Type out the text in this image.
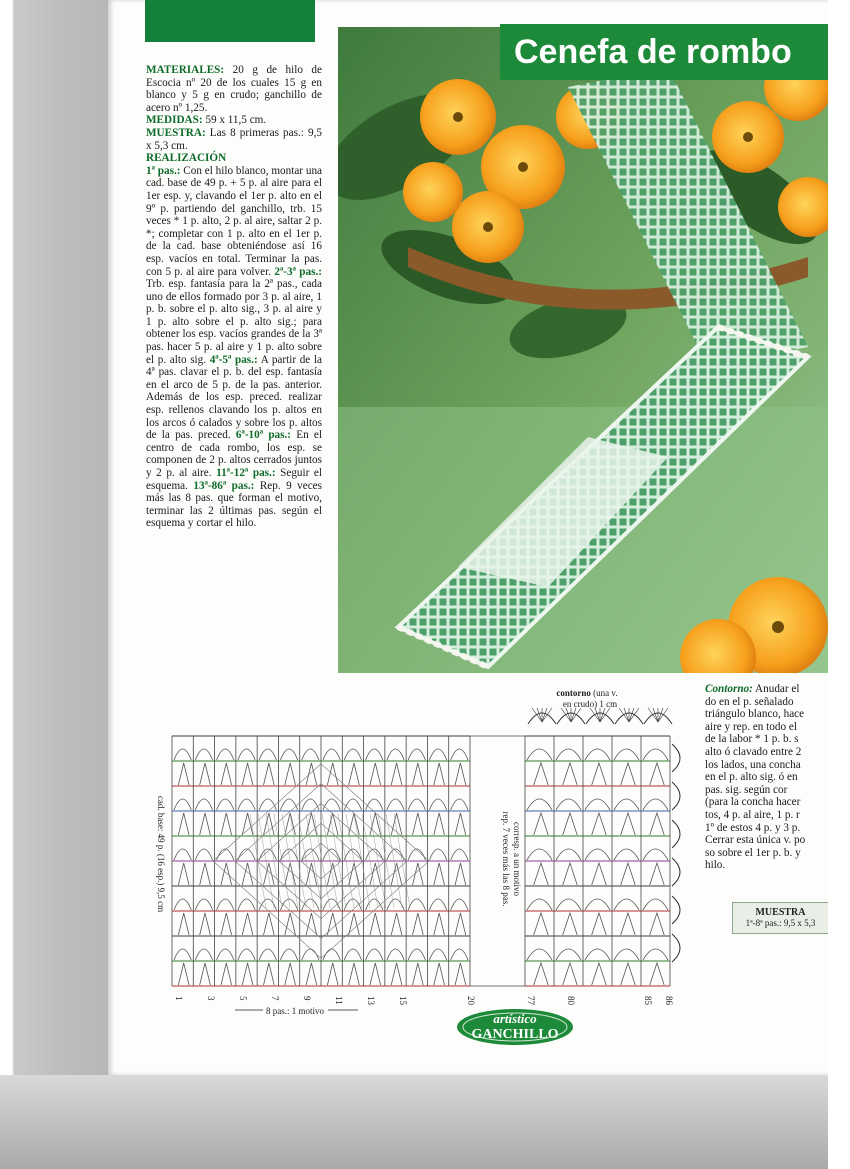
Cenefa de rombo
MATERIALES: 20 g de hilo de Escocia nº 20 de los cuales 15 g en blanco y 5 g en crudo; ganchillo de acero nº 1,25.
MEDIDAS: 59 x 11,5 cm.
MUESTRA: Las 8 primeras pas.: 9,5 x 5,3 cm.
REALIZACIÓN
1ª pas.: Con el hilo blanco, montar una cad. base de 49 p. + 5 p. al aire para el 1er esp. y, clavando el 1er p. alto en el 9º p. partiendo del ganchillo, trb. 15 veces * 1 p. alto, 2 p. al aire, saltar 2 p. *; completar con 1 p. alto en el 1er p. de la cad. base obteniéndose así 16 esp. vacíos en total. Terminar la pas. con 5 p. al aire para volver. 2ª-3ª pas.: Trb. esp. fantasía para la 2ª pas., cada uno de ellos formado por 3 p. al aire, 1 p. b. sobre el p. alto sig., 3 p. al aire y 1 p. alto sobre el p. alto sig.; para obtener los esp. vacíos grandes de la 3ª pas. hacer 5 p. al aire y 1 p. alto sobre el p. alto sig. 4ª-5ª pas.: A partir de la 4ª pas. clavar el p. b. del esp. fantasía en el arco de 5 p. de la pas. anterior. Además de los esp. preced. realizar esp. rellenos clavando los p. altos en los arcos ó calados y sobre los p. altos de la pas. preced. 6ª-10ª pas.: En el centro de cada rombo, los esp. se componen de 2 p. altos cerrados juntos y 2 p. al aire. 11ª-12ª pas.: Seguir el esquema. 13ª-86ª pas.: Rep. 9 veces más las 8 pas. que forman el motivo, terminar las 2 últimas pas. según el esquema y cortar el hilo.
Contorno: Anudar el
do en el p. señalado
triángulo blanco, hace
aire y rep. en todo el
de la labor * 1 p. b. s
alto ó clavado entre 2
los lados, una concha
en el p. alto sig. ó en
pas. sig. según cor
(para la concha hacer
tos, 4 p. al aire, 1 p. r
1º de estos 4 p. y 3 p.
Cerrar esta única v. po
so sobre el 1er p. b. y
hilo.
MUESTRA
1ª-8ª pas.: 9,5 x 5,3

contorno (una v.
en crudo) 1 cm
cad. base: 49 p. (16 esp.) 9,5 cm	rep. 7 veces más las 8 pas. corresp. a un motivo
8 pas.: 1 motivo
1 3 5 7 9 11 13 15	20	77	80	85 86
artístico
GANCHILLO
